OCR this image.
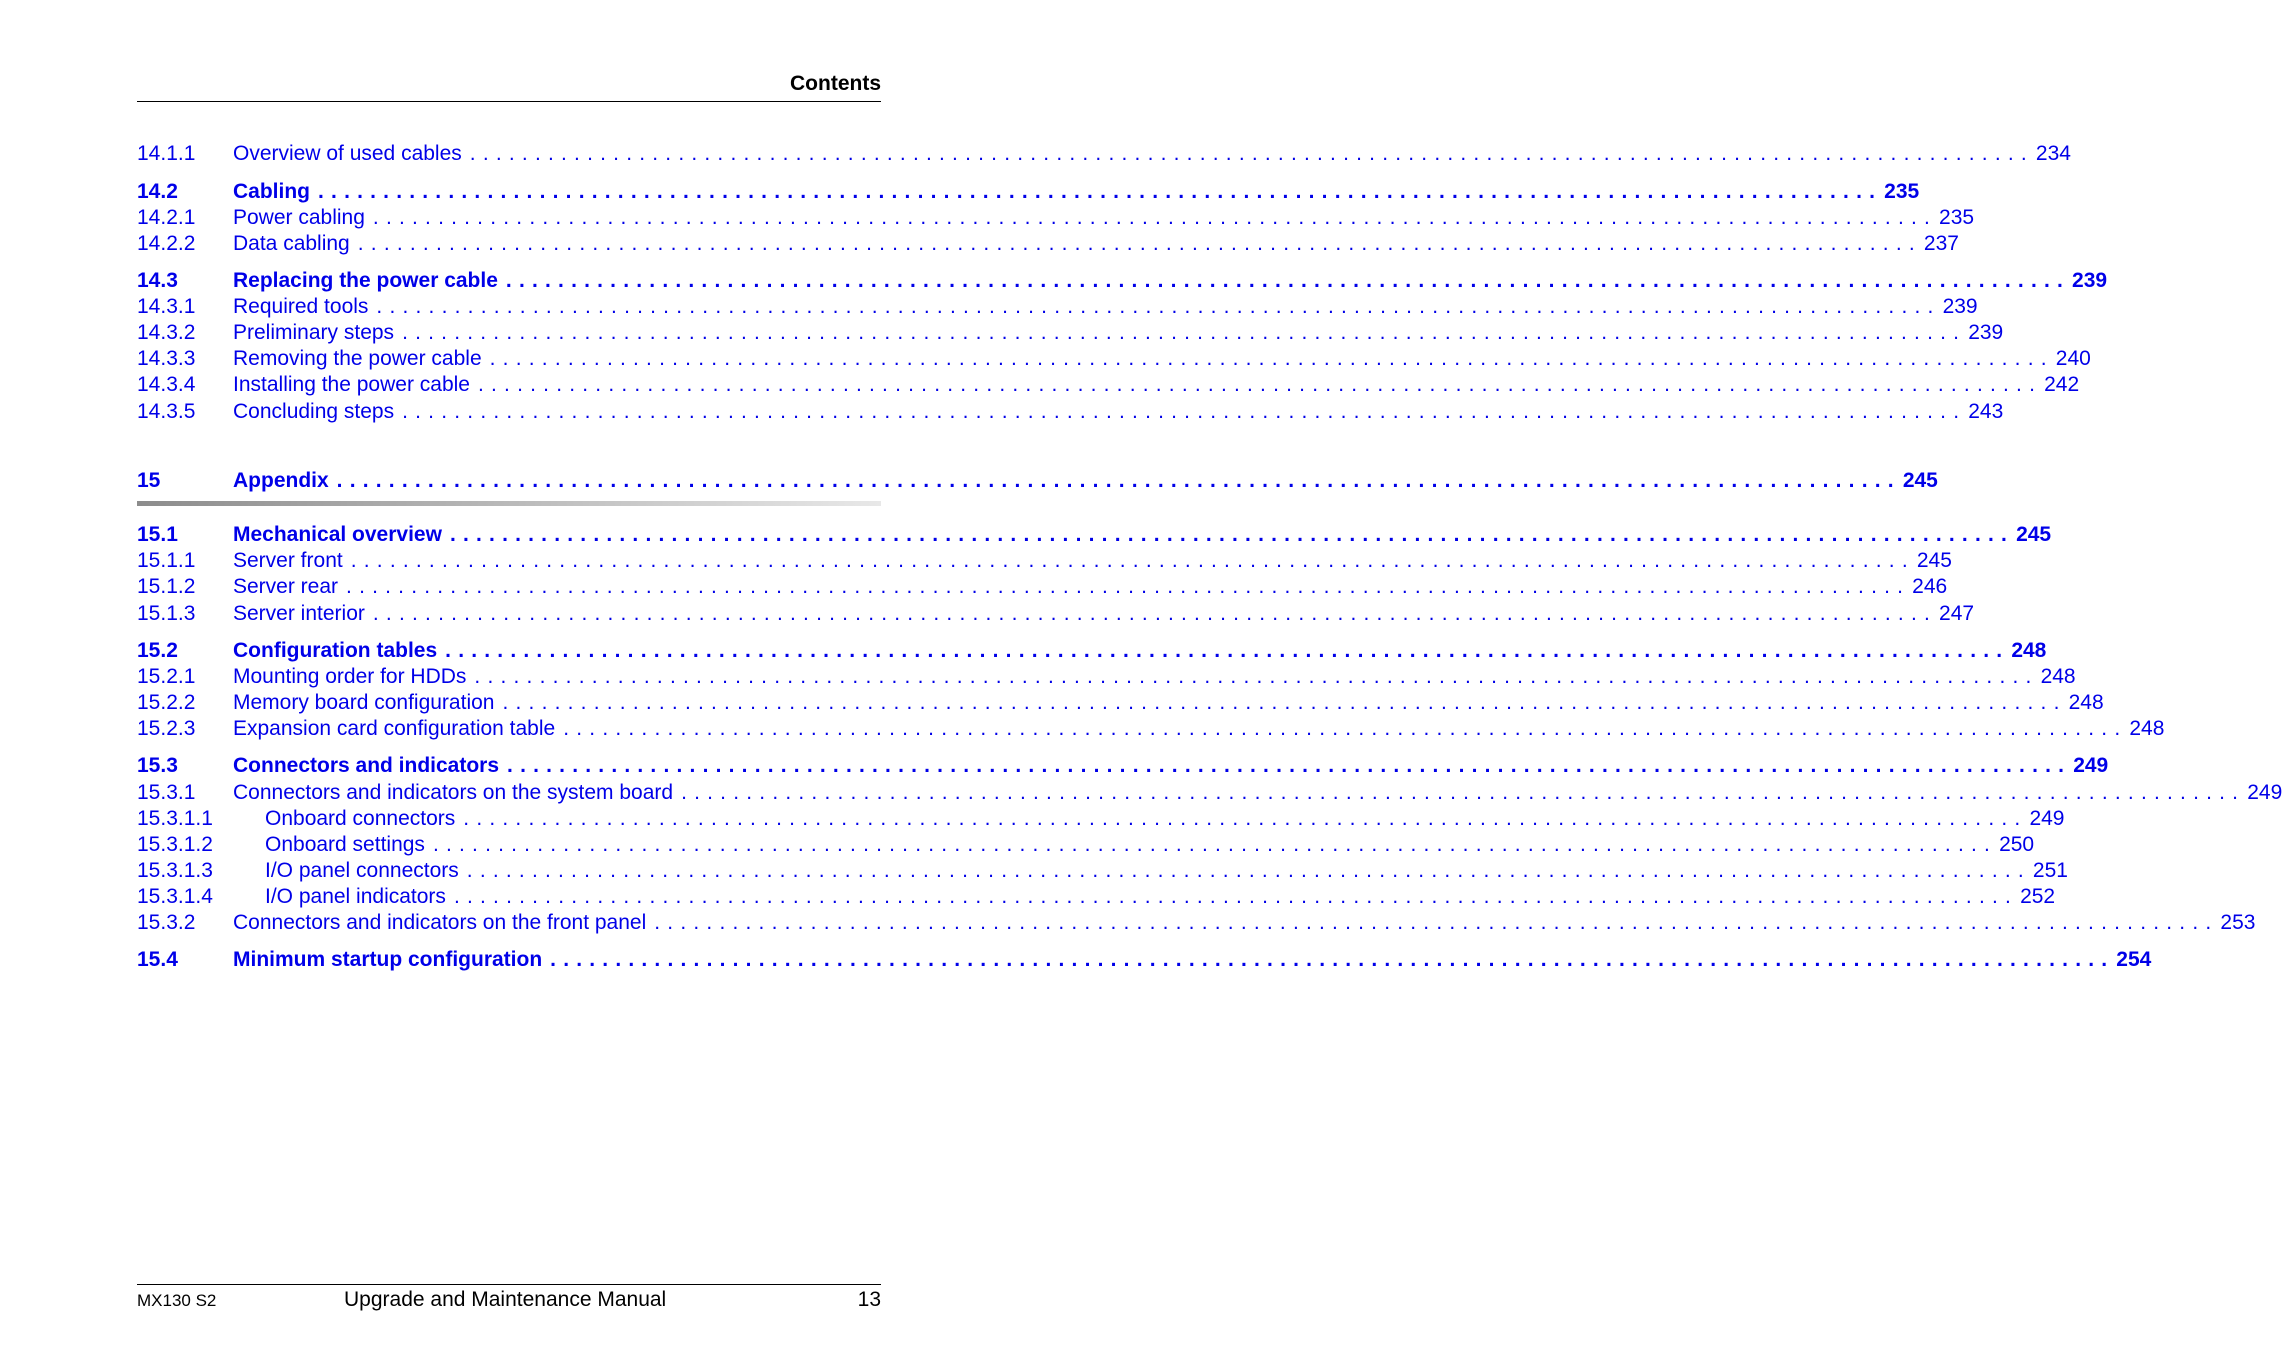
Contents
14.1.1	Overview of used cables ........................................................................................................................ 234
14.2	Cabling ........................................................................................................................ 235
14.2.1	Power cabling ........................................................................................................................ 235
14.2.2	Data cabling ........................................................................................................................ 237
14.3	Replacing the power cable ........................................................................................................................ 239
14.3.1	Required tools ........................................................................................................................ 239
14.3.2	Preliminary steps ........................................................................................................................ 239
14.3.3	Removing the power cable ........................................................................................................................ 240
14.3.4	Installing the power cable ........................................................................................................................ 242
14.3.5	Concluding steps ........................................................................................................................ 243
15	Appendix ........................................................................................................................ 245
15.1	Mechanical overview ........................................................................................................................ 245
15.1.1	Server front ........................................................................................................................ 245
15.1.2	Server rear ........................................................................................................................ 246
15.1.3	Server interior ........................................................................................................................ 247
15.2	Configuration tables ........................................................................................................................ 248
15.2.1	Mounting order for HDDs ........................................................................................................................ 248
15.2.2	Memory board configuration ........................................................................................................................ 248
15.2.3	Expansion card configuration table ........................................................................................................................ 248
15.3	Connectors and indicators ........................................................................................................................ 249
15.3.1	Connectors and indicators on the system board ........................................................................................................................ 249
15.3.1.1	Onboard connectors ........................................................................................................................ 249
15.3.1.2	Onboard settings ........................................................................................................................ 250
15.3.1.3	I/O panel connectors ........................................................................................................................ 251
15.3.1.4	I/O panel indicators ........................................................................................................................ 252
15.3.2	Connectors and indicators on the front panel ........................................................................................................................ 253
15.4	Minimum startup configuration ........................................................................................................................ 254
MX130 S2	Upgrade and Maintenance Manual	13
